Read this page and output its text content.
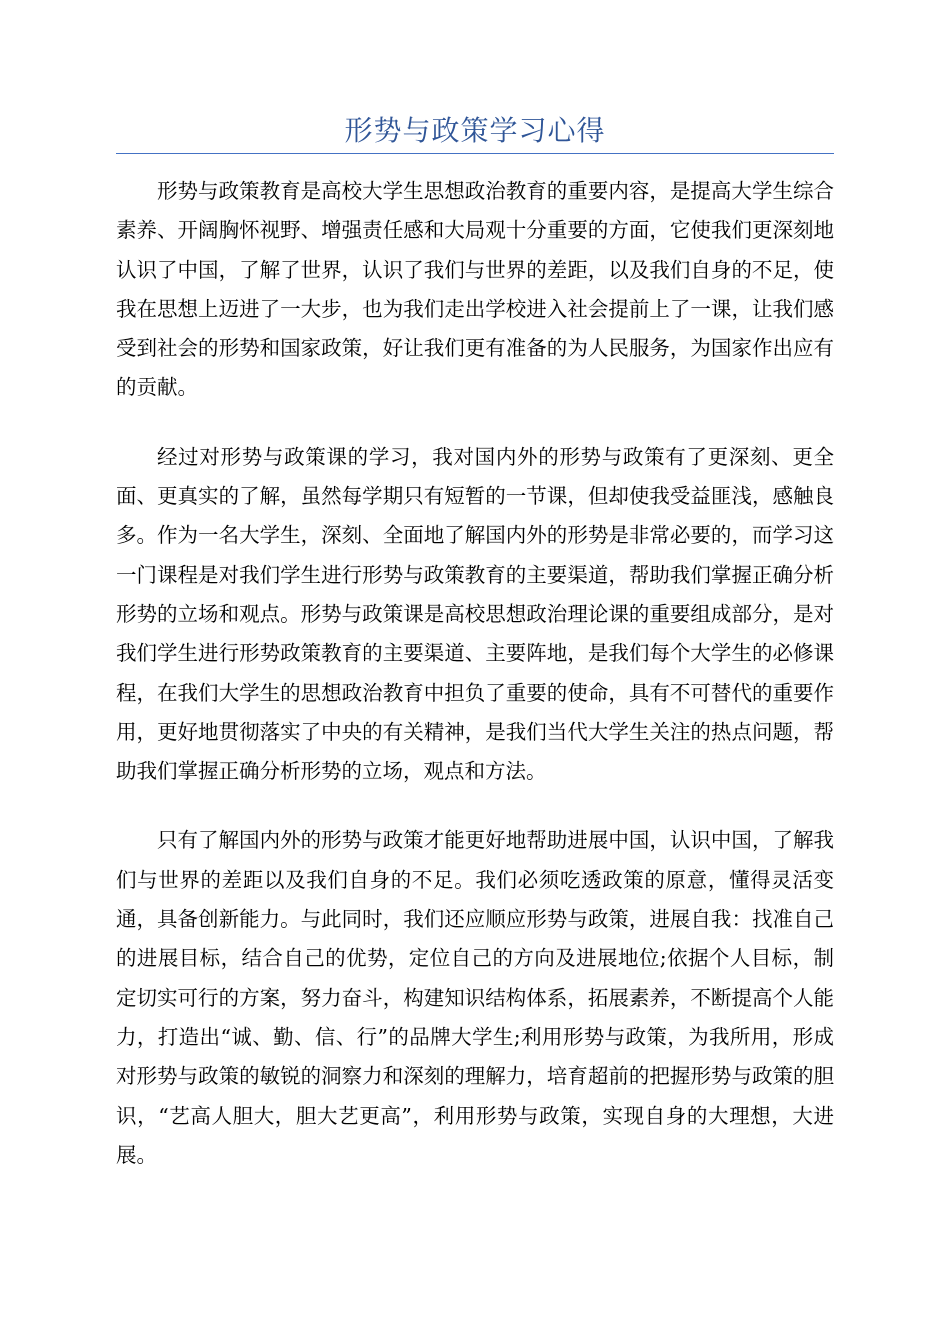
形势与政策学习心得

形势与政策教育是高校大学生思想政治教育的重要内容，是提高大学生综合素养、开阔胸怀视野、增强责任感和大局观十分重要的方面，它使我们更深刻地认识了中国，了解了世界，认识了我们与世界的差距，以及我们自身的不足，使我在思想上迈进了一大步，也为我们走出学校进入社会提前上了一课，让我们感受到社会的形势和国家政策，好让我们更有准备的为人民服务，为国家作出应有的贡献。

经过对形势与政策课的学习，我对国内外的形势与政策有了更深刻、更全面、更真实的了解，虽然每学期只有短暂的一节课，但却使我受益匪浅，感触良多。作为一名大学生，深刻、全面地了解国内外的形势是非常必要的，而学习这一门课程是对我们学生进行形势与政策教育的主要渠道，帮助我们掌握正确分析形势的立场和观点。形势与政策课是高校思想政治理论课的重要组成部分，是对我们学生进行形势政策教育的主要渠道、主要阵地，是我们每个大学生的必修课程，在我们大学生的思想政治教育中担负了重要的使命，具有不可替代的重要作用，更好地贯彻落实了中央的有关精神，是我们当代大学生关注的热点问题，帮助我们掌握正确分析形势的立场，观点和方法。

只有了解国内外的形势与政策才能更好地帮助进展中国，认识中国，了解我们与世界的差距以及我们自身的不足。我们必须吃透政策的原意，懂得灵活变通，具备创新能力。与此同时，我们还应顺应形势与政策，进展自我：找准自己的进展目标，结合自己的优势，定位自己的方向及进展地位;依据个人目标，制定切实可行的方案，努力奋斗，构建知识结构体系，拓展素养，不断提高个人能力，打造出“诚、勤、信、行”的品牌大学生;利用形势与政策，为我所用，形成对形势与政策的敏锐的洞察力和深刻的理解力，培育超前的把握形势与政策的胆识，“艺高人胆大，胆大艺更高”，利用形势与政策，实现自身的大理想，大进展。
